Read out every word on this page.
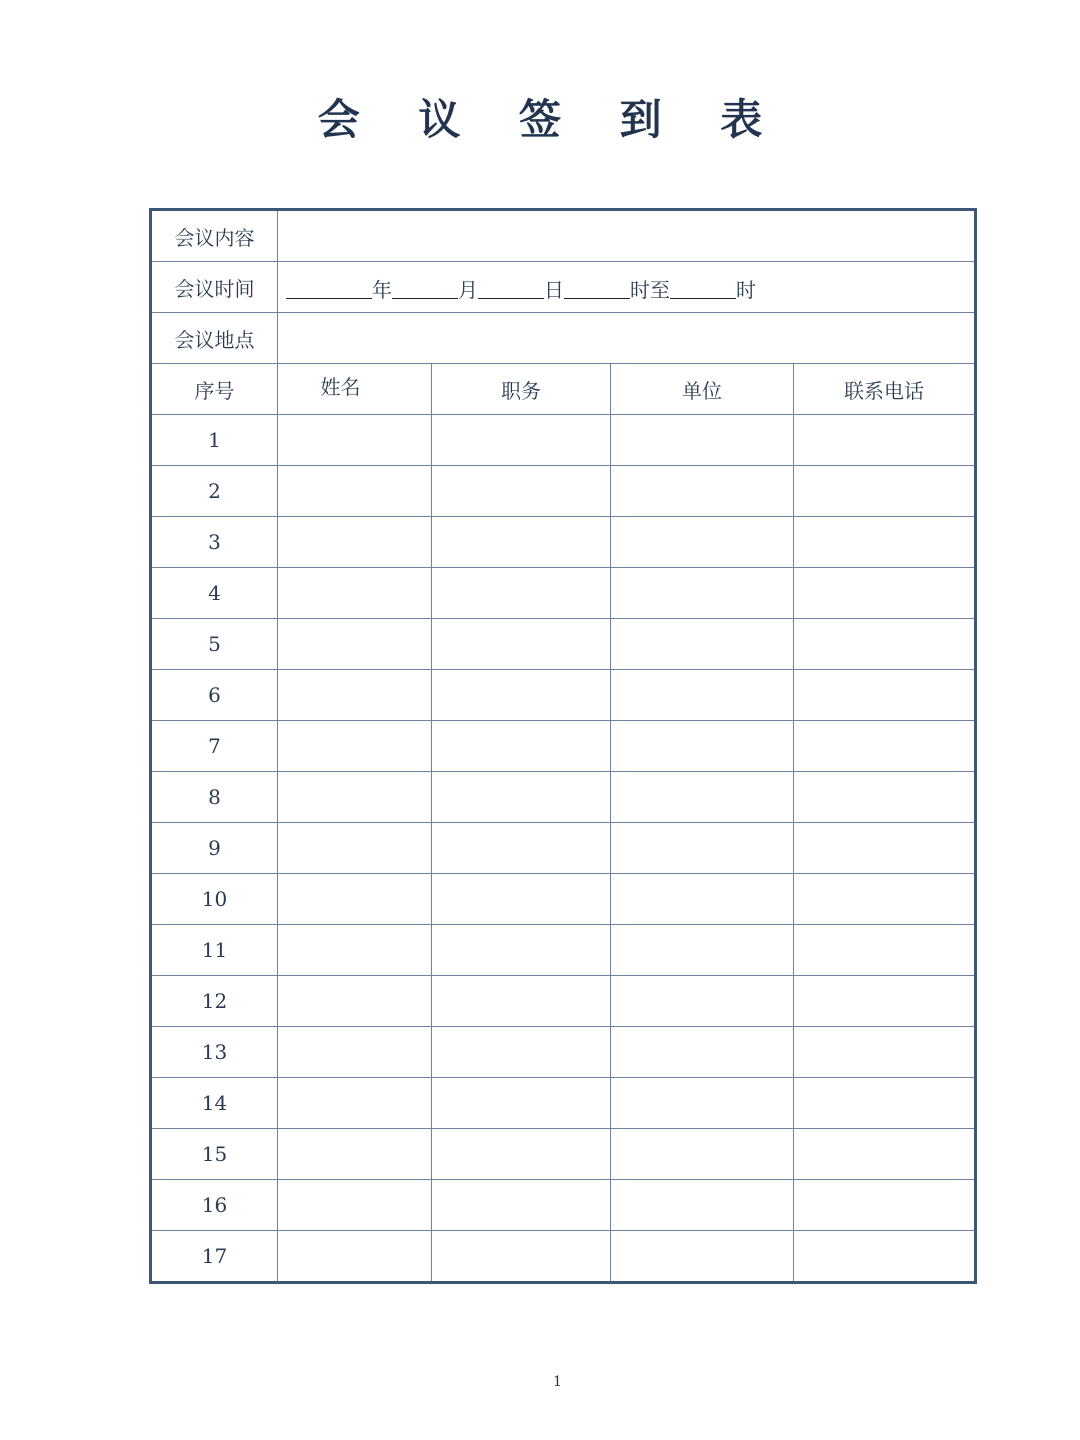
会 议 签 到 表
会议内容				
会议时间	年 月 日 时至 时			

会议地点				
序号	姓名	职务	单位	联系电话
1				
2				
3				
4				
5				
6				
7				
8				
9				
10				
11				
12				
13				
14				
15				
16				
17				
1
